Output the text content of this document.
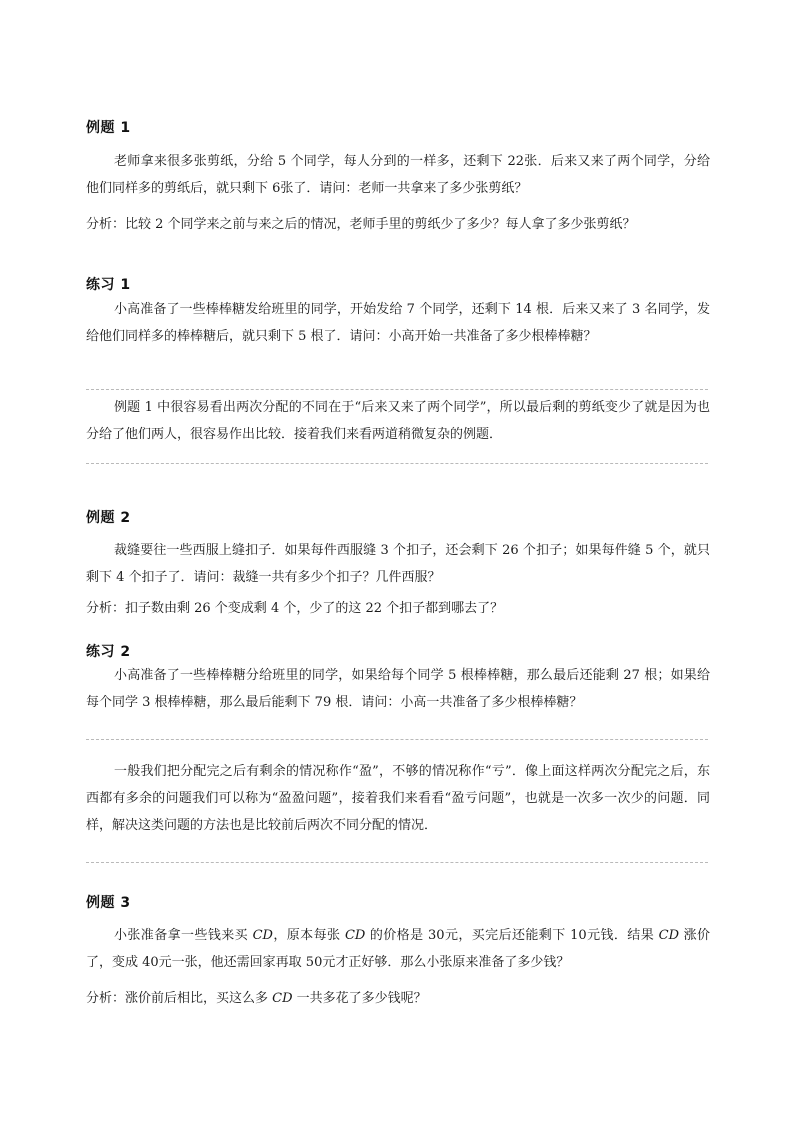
例题 1

老师拿来很多张剪纸，分给 5 个同学，每人分到的一样多，还剩下 22张．后来又来了两个同学，分给他们同样多的剪纸后，就只剩下 6张了．请问：老师一共拿来了多少张剪纸？

分析：比较 2 个同学来之前与来之后的情况，老师手里的剪纸少了多少？每人拿了多少张剪纸？

练习 1

小高准备了一些棒棒糖发给班里的同学，开始发给 7 个同学，还剩下 14 根．后来又来了 3 名同学，发给他们同样多的棒棒糖后，就只剩下 5 根了．请问：小高开始一共准备了多少根棒棒糖？

例题 1 中很容易看出两次分配的不同在于“后来又来了两个同学”，所以最后剩的剪纸变少了就是因为也分给了他们两人，很容易作出比较．接着我们来看两道稍微复杂的例题．

例题 2

裁缝要往一些西服上缝扣子．如果每件西服缝 3 个扣子，还会剩下 26 个扣子；如果每件缝 5 个，就只剩下 4 个扣子了．请问：裁缝一共有多少个扣子？几件西服？

分析：扣子数由剩 26 个变成剩 4 个，少了的这 22 个扣子都到哪去了？

练习 2

小高准备了一些棒棒糖分给班里的同学，如果给每个同学 5 根棒棒糖，那么最后还能剩 27 根；如果给每个同学 3 根棒棒糖，那么最后能剩下 79 根．请问：小高一共准备了多少根棒棒糖？

一般我们把分配完之后有剩余的情况称作“盈”，不够的情况称作“亏”．像上面这样两次分配完之后，东西都有多余的问题我们可以称为“盈盈问题”，接着我们来看看“盈亏问题”，也就是一次多一次少的问题．同样，解决这类问题的方法也是比较前后两次不同分配的情况．

例题 3

小张准备拿一些钱来买 CD，原本每张 CD 的价格是 30元，买完后还能剩下 10元钱．结果 CD 涨价了，变成 40元一张，他还需回家再取 50元才正好够．那么小张原来准备了多少钱？

分析：涨价前后相比，买这么多 CD 一共多花了多少钱呢？
